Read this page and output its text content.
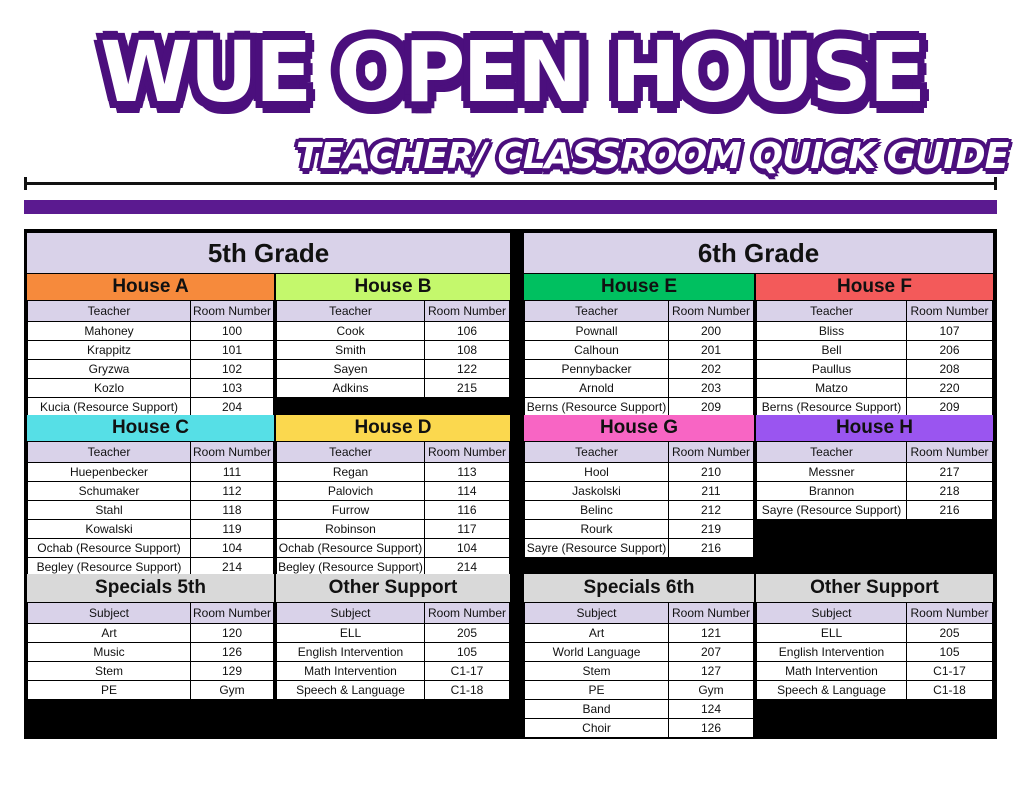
WUE OPEN HOUSE
TEACHER/ CLASSROOM QUICK GUIDE
5th Grade	6th Grade
House A
Teacher	Room Number
Mahoney	100
Krappitz	101
Gryzwa	102
Kozlo	103
Kucia (Resource Support)	204
House B
Teacher	Room Number
Cook	106
Smith	108
Sayen	122
Adkins	215
House C
Teacher	Room Number
Huepenbecker	111
Schumaker	112
Stahl	118
Kowalski	119
Ochab (Resource Support)	104
Begley (Resource Support)	214
House D
Teacher	Room Number
Regan	113
Palovich	114
Furrow	116
Robinson	117
Ochab (Resource Support)	104
Begley (Resource Support)	214
House E
Teacher	Room Number
Pownall	200
Calhoun	201
Pennybacker	202
Arnold	203
Berns (Resource Support)	209
House F
Teacher	Room Number
Bliss	107
Bell	206
Paullus	208
Matzo	220
Berns (Resource Support)	209
House G
Teacher	Room Number
Hool	210
Jaskolski	211
Belinc	212
Rourk	219
Sayre (Resource Support)	216
House H
Teacher	Room Number
Messner	217
Brannon	218
Sayre (Resource Support)	216
Specials 5th
Subject	Room Number
Art	120
Music	126
Stem	129
PE	Gym
Other Support
Subject	Room Number
ELL	205
English Intervention	105
Math Intervention	C1-17
Speech & Language	C1-18
Specials 6th
Subject	Room Number
Art	121
World Language	207
Stem	127
PE	Gym
Band	124
Choir	126
Other Support
Subject	Room Number
ELL	205
English Intervention	105
Math Intervention	C1-17
Speech & Language	C1-18
